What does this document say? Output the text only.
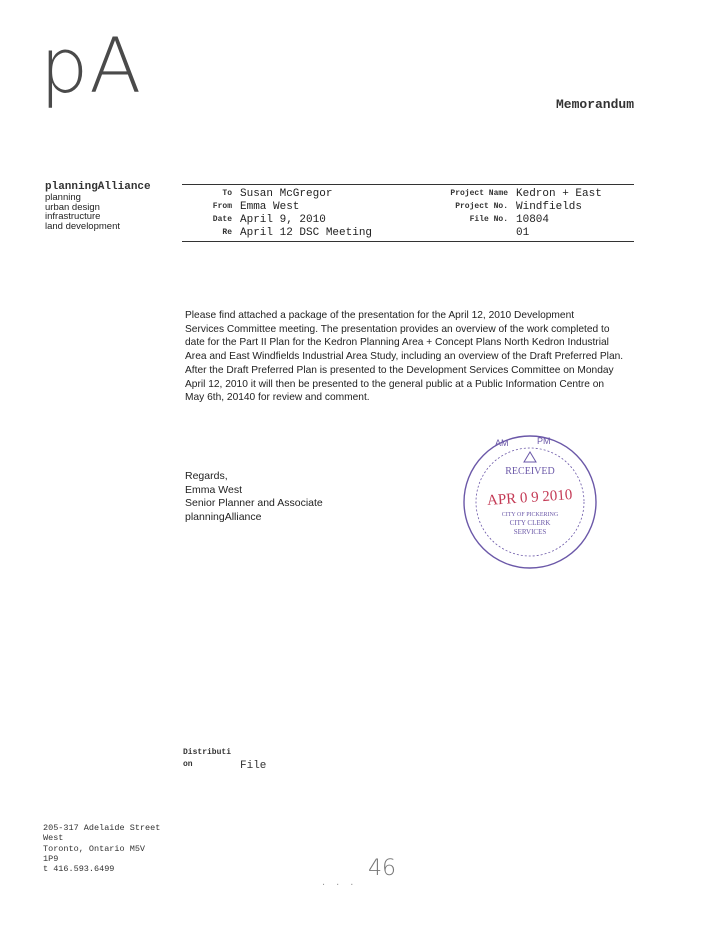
pA	Memorandum
planningAlliance
planning
urban design
infrastructure
land development
To Susan McGregor	Project Name Kedron + East
From Emma West	Project No. Windfields
Date April 9, 2010	File No. 10804
Re April 12 DSC Meeting	01
Please find attached a package of the presentation for the April 12, 2010 Development
Services Committee meeting. The presentation provides an overview of the work completed to
date for the Part II Plan for the Kedron Planning Area + Concept Plans North Kedron Industrial
Area and East Windfields Industrial Area Study, including an overview of the Draft Preferred Plan.
After the Draft Preferred Plan is presented to the Development Services Committee on Monday
April 12, 2010 it will then be presented to the general public at a Public Information Centre on
May 6th, 20140 for review and comment.
Regards,
Emma West
Senior Planner and Associate
planningAlliance
AM	PM
RECEIVED
APR 0 9 2010
CITY OF PICKERING
CITY CLERK
SERVICES
Distributi
on	File
205-317 Adelaide Street
West
Toronto, Ontario M5V
1P9
t 416.593.6499
. . .
46
